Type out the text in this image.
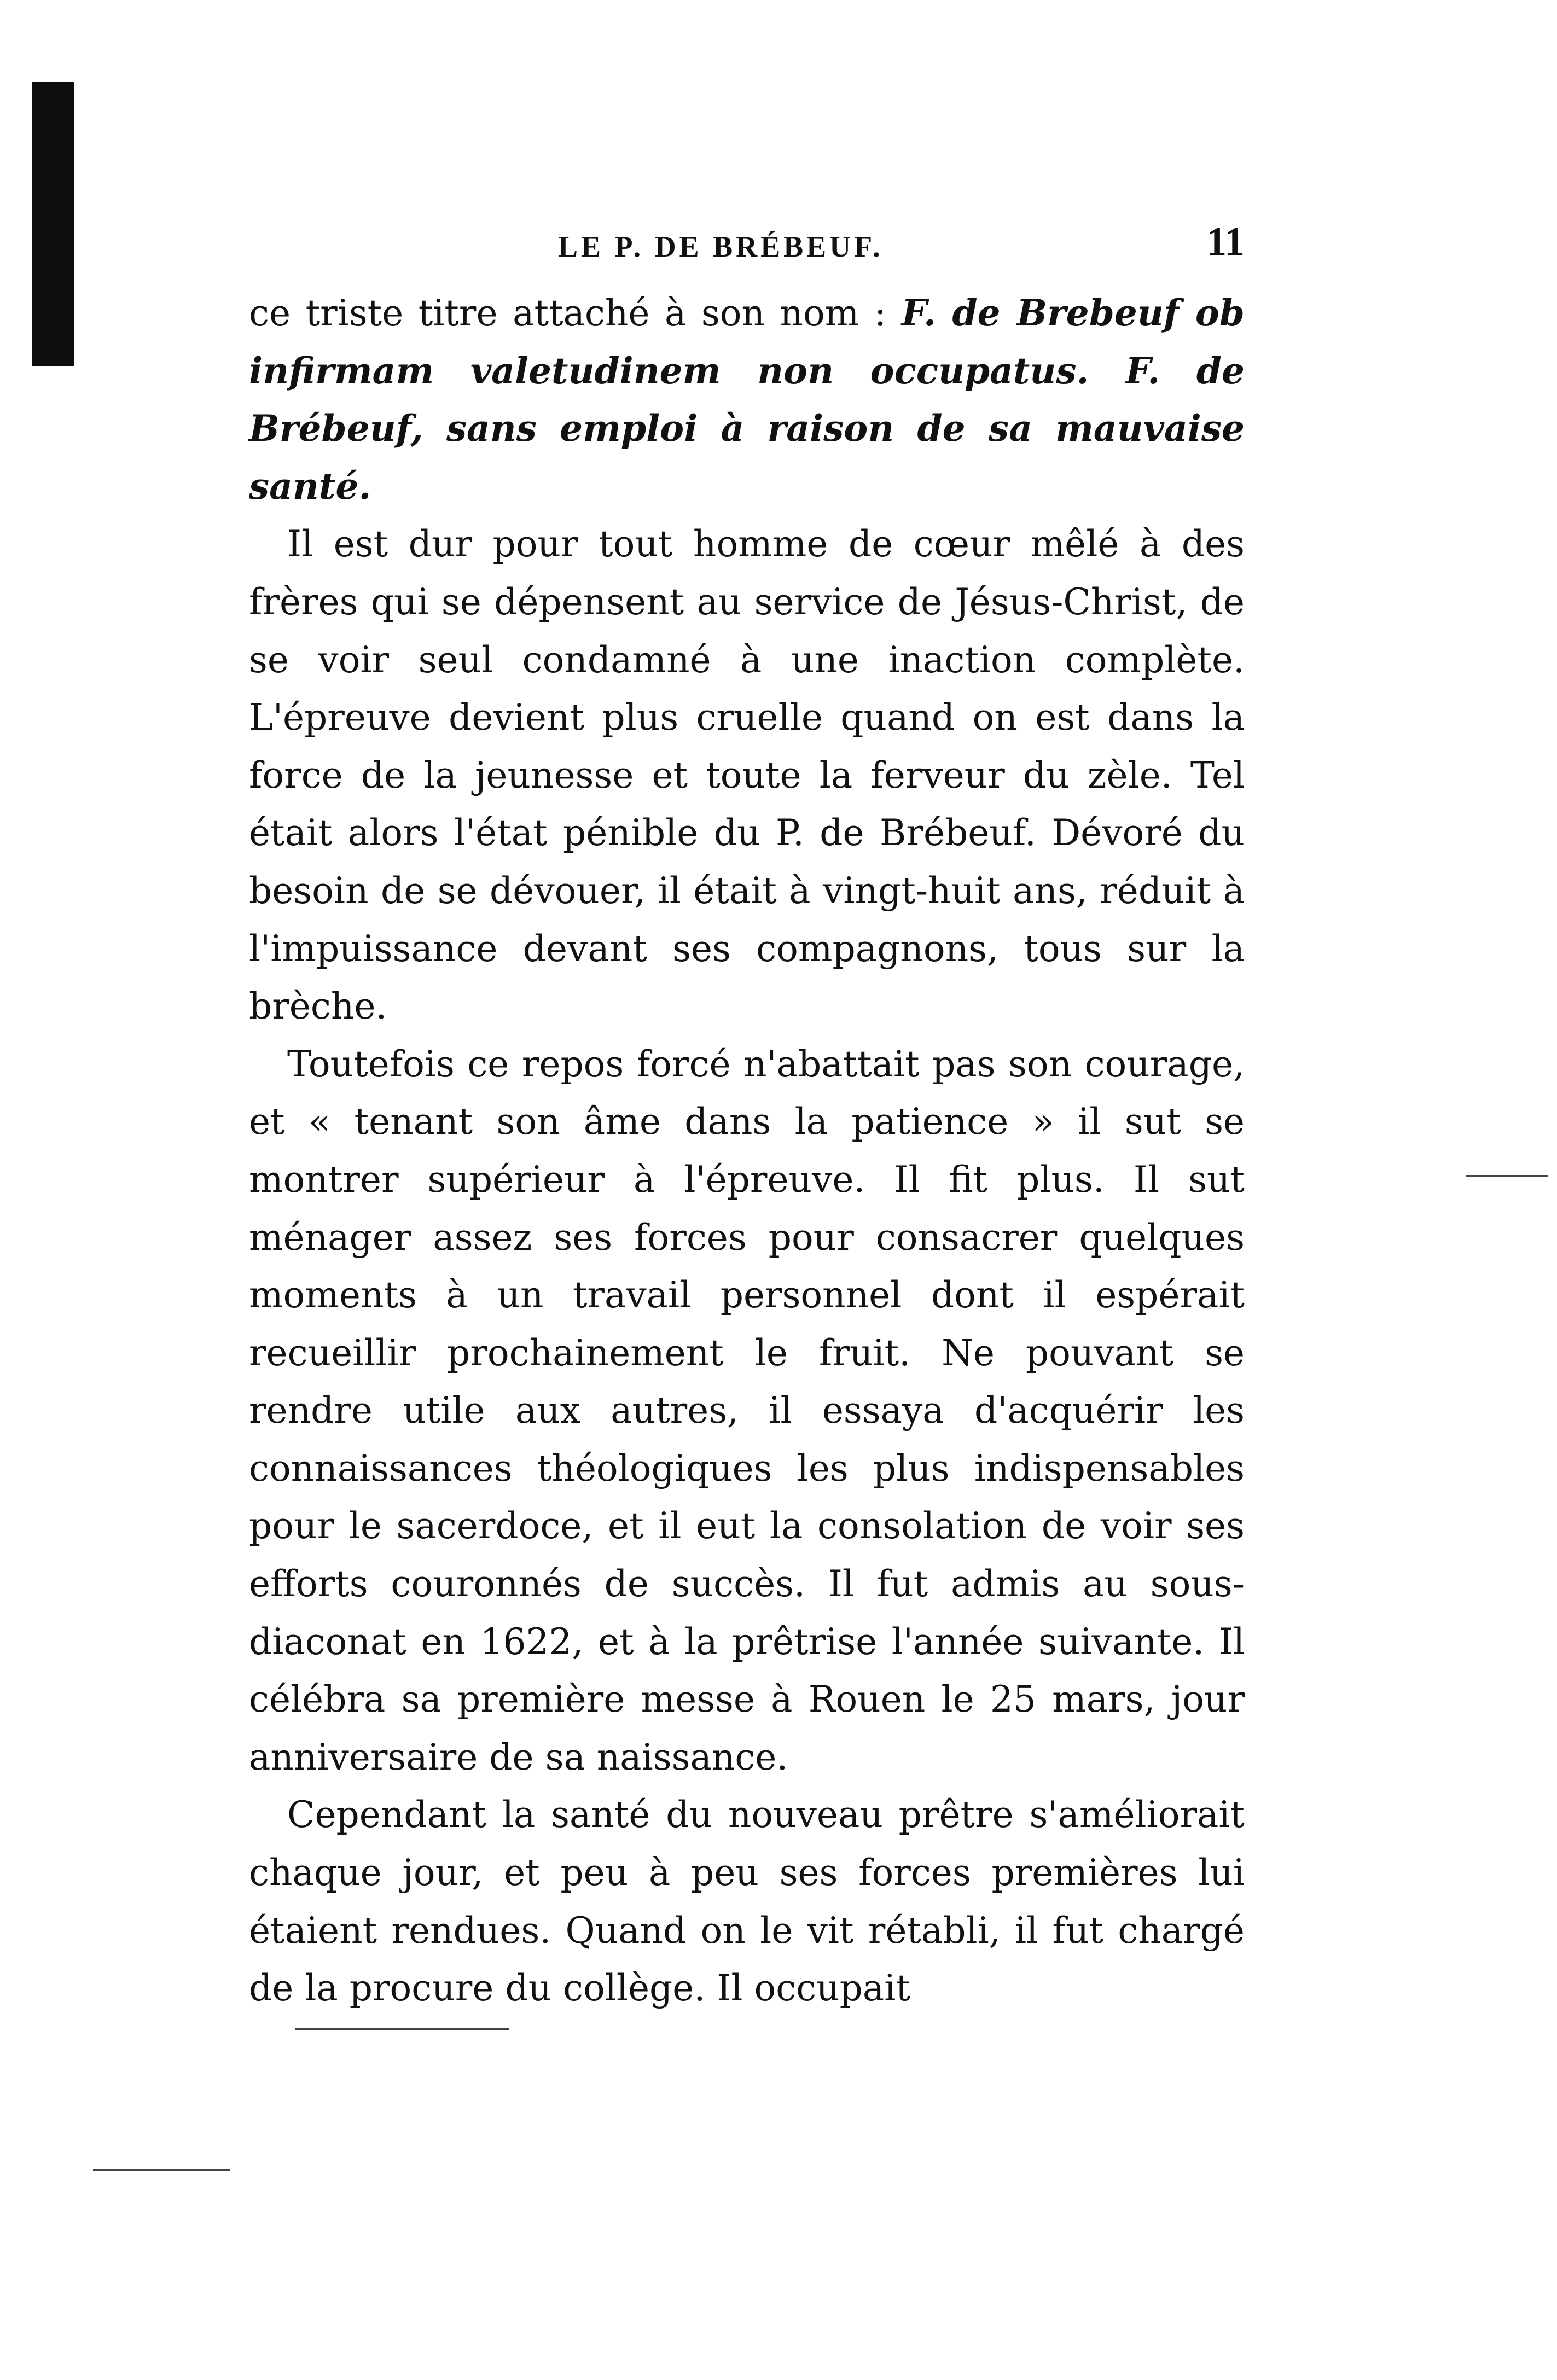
LE P. DE BRÉBEUF.	11

ce triste titre attaché à son nom : F. de Brebeuf ob infirmam valetudinem non occupatus. F. de Brébeuf, sans emploi à raison de sa mauvaise santé.

Il est dur pour tout homme de cœur mêlé à des frères qui se dépensent au service de Jésus-Christ, de se voir seul condamné à une inaction complète. L'épreuve devient plus cruelle quand on est dans la force de la jeunesse et toute la ferveur du zèle. Tel était alors l'état pénible du P. de Brébeuf. Dévoré du besoin de se dévouer, il était à vingt-huit ans, réduit à l'impuissance devant ses compagnons, tous sur la brèche.

Toutefois ce repos forcé n'abattait pas son courage, et « tenant son âme dans la patience » il sut se montrer supérieur à l'épreuve. Il fit plus. Il sut ménager assez ses forces pour consacrer quelques moments à un travail personnel dont il espérait recueillir prochainement le fruit. Ne pouvant se rendre utile aux autres, il essaya d'acquérir les connaissances théologiques les plus indispensables pour le sacerdoce, et il eut la consolation de voir ses efforts couronnés de succès. Il fut admis au sous-diaconat en 1622, et à la prêtrise l'année suivante. Il célébra sa première messe à Rouen le 25 mars, jour anniversaire de sa naissance.

Cependant la santé du nouveau prêtre s'améliorait chaque jour, et peu à peu ses forces premières lui étaient rendues. Quand on le vit rétabli, il fut chargé de la procure du collège. Il occupait
